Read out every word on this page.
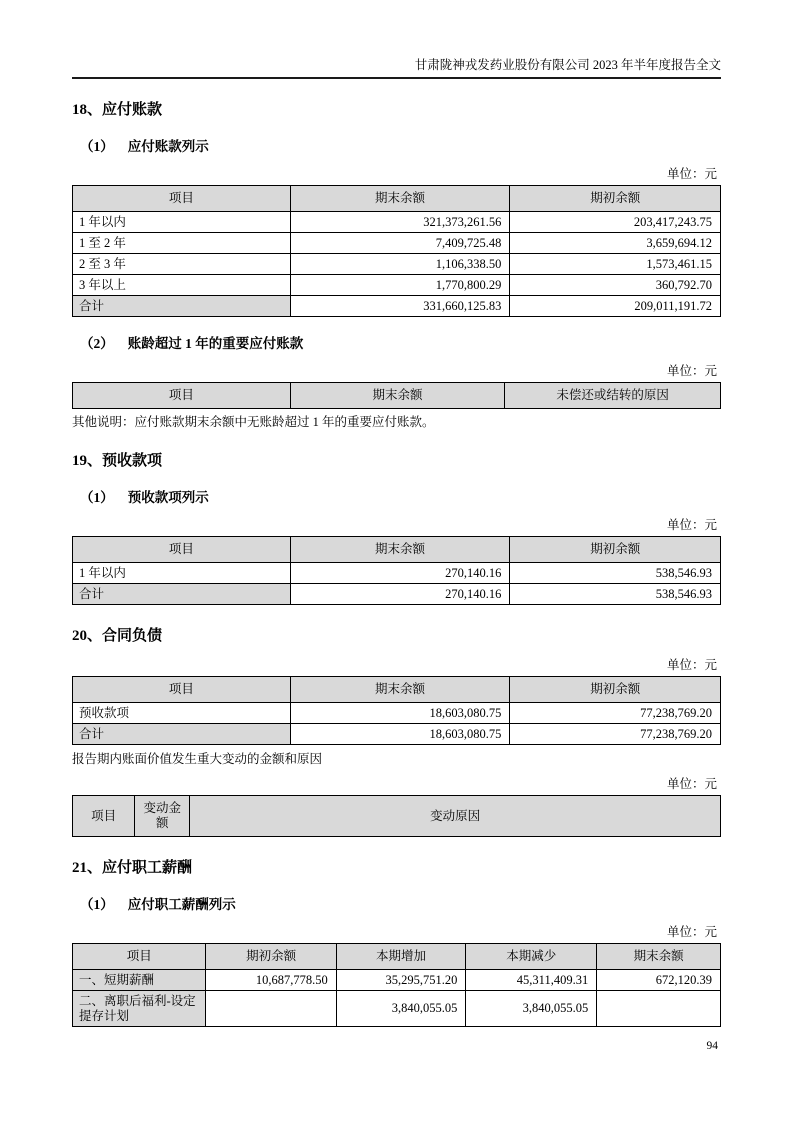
甘肃陇神戎发药业股份有限公司 2023 年半年度报告全文
18、应付账款
（1） 应付账款列示
单位：元
项目	期末余额	期初余额
1 年以内	321,373,261.56	203,417,243.75
1 至 2 年	7,409,725.48	3,659,694.12
2 至 3 年	1,106,338.50	1,573,461.15
3 年以上	1,770,800.29	360,792.70
合计	331,660,125.83	209,011,191.72
（2） 账龄超过 1 年的重要应付账款
单位：元
项目	期末余额	未偿还或结转的原因
其他说明：应付账款期末余额中无账龄超过 1 年的重要应付账款。
19、预收款项
（1） 预收款项列示
单位：元
项目	期末余额	期初余额
1 年以内	270,140.16	538,546.93
合计	270,140.16	538,546.93
20、合同负债
单位：元
项目	期末余额	期初余额
预收款项	18,603,080.75	77,238,769.20
合计	18,603,080.75	77,238,769.20
报告期内账面价值发生重大变动的金额和原因
单位：元
项目	变动金额	变动原因
21、应付职工薪酬
（1） 应付职工薪酬列示
单位：元
项目	期初余额	本期增加	本期减少	期末余额
一、短期薪酬	10,687,778.50	35,295,751.20	45,311,409.31	672,120.39
二、离职后福利-设定提存计划		3,840,055.05	3,840,055.05	
94
